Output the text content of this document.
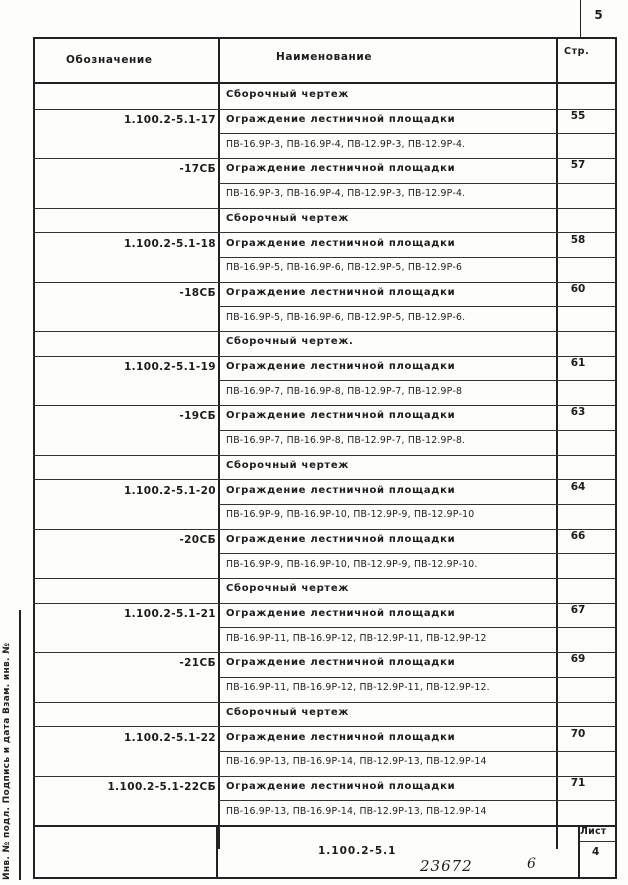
5
Обозначение	Наименование	Стр.
Сборочный чертеж
1.100.2-5.1-17 Ограждение лестничной площадки	55
ПВ-16.9Р-3, ПВ-16.9Р-4, ПВ-12.9Р-3, ПВ-12.9Р-4.
-17СБ Ограждение лестничной площадки	57
ПВ-16.9Р-3, ПВ-16.9Р-4, ПВ-12.9Р-3, ПВ-12.9Р-4.
Сборочный чертеж
1.100.2-5.1-18 Ограждение лестничной площадки	58
ПВ-16.9Р-5, ПВ-16.9Р-6, ПВ-12.9Р-5, ПВ-12.9Р-6
-18СБ Ограждение лестничной площадки	60
ПВ-16.9Р-5, ПВ-16.9Р-6, ПВ-12.9Р-5, ПВ-12.9Р-6.
Сборочный чертеж.
1.100.2-5.1-19 Ограждение лестничной площадки	61
ПВ-16.9Р-7, ПВ-16.9Р-8, ПВ-12.9Р-7, ПВ-12.9Р-8
-19СБ Ограждение лестничной площадки	63
ПВ-16.9Р-7, ПВ-16.9Р-8, ПВ-12.9Р-7, ПВ-12.9Р-8.
Сборочный чертеж
1.100.2-5.1-20 Ограждение лестничной площадки	64
ПВ-16.9Р-9, ПВ-16.9Р-10, ПВ-12.9Р-9, ПВ-12.9Р-10
-20СБ Ограждение лестничной площадки	66
ПВ-16.9Р-9, ПВ-16.9Р-10, ПВ-12.9Р-9, ПВ-12.9Р-10.
Сборочный чертеж
1.100.2-5.1-21 Ограждение лестничной площадки	67
ПВ-16.9Р-11, ПВ-16.9Р-12, ПВ-12.9Р-11, ПВ-12.9Р-12
-21СБ Ограждение лестничной площадки	69
ПВ-16.9Р-11, ПВ-16.9Р-12, ПВ-12.9Р-11, ПВ-12.9Р-12.
Сборочный чертеж
1.100.2-5.1-22 Ограждение лестничной площадки	70
ПВ-16.9Р-13, ПВ-16.9Р-14, ПВ-12.9Р-13, ПВ-12.9Р-14
1.100.2-5.1-22СБ Ограждение лестничной площадки	71
ПВ-16.9Р-13, ПВ-16.9Р-14, ПВ-12.9Р-13, ПВ-12.9Р-14
1.100.2-5.1
23672	6
Лист
4
Инв. № подл. Подпись и дата Взам. инв. №
